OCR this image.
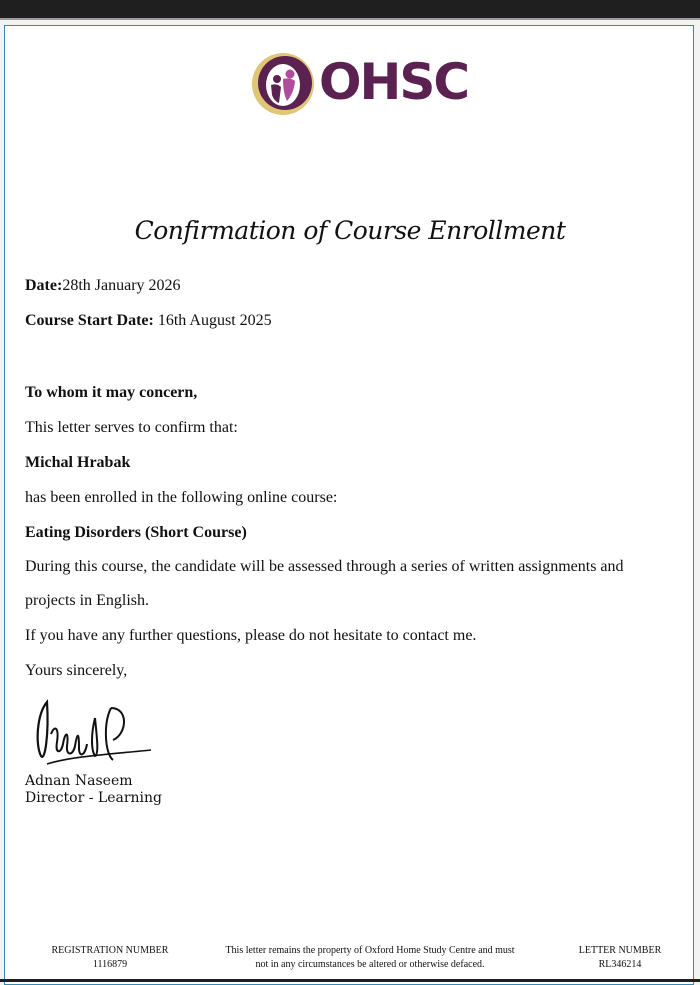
OHSC
Confirmation of Course Enrollment
Date:28th January 2026
Course Start Date: 16th August 2025
To whom it may concern,
This letter serves to confirm that:
Michal Hrabak
has been enrolled in the following online course:
Eating Disorders (Short Course)
During this course, the candidate will be assessed through a series of written assignments and
projects in English.
If you have any further questions, please do not hesitate to contact me.
Yours sincerely,
Adnan Naseem
Director - Learning
REGISTRATION NUMBER
1116879
This letter remains the property of Oxford Home Study Centre and must
not in any circumstances be altered or otherwise defaced.
LETTER NUMBER
RL346214
